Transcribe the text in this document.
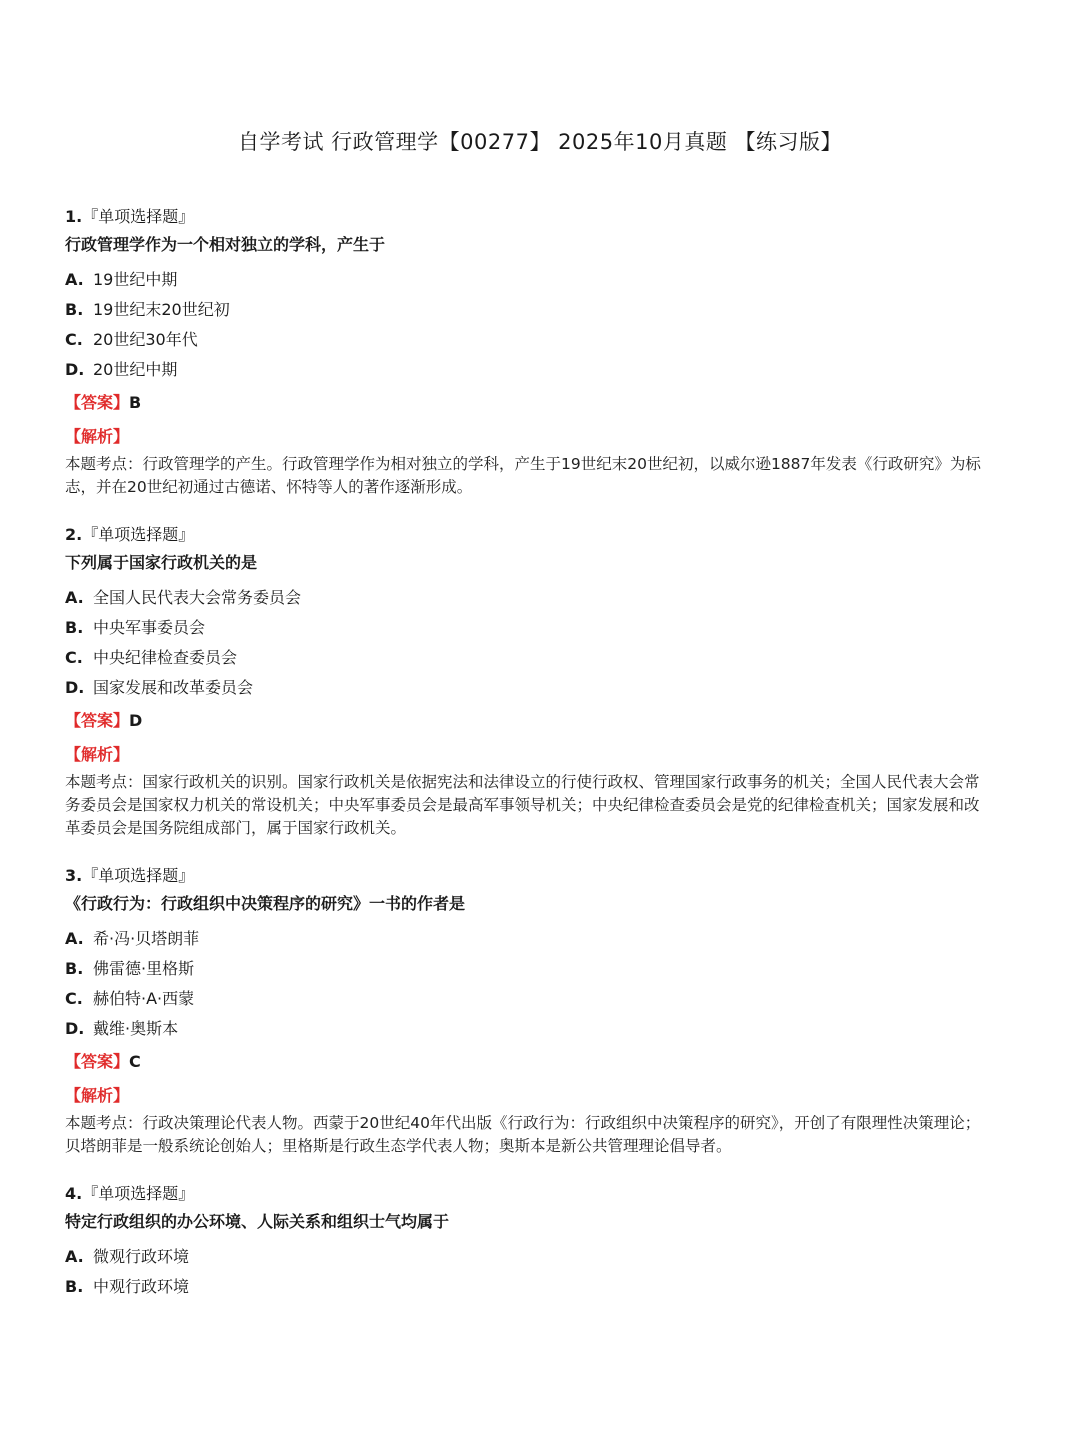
自学考试 行政管理学【00277】 2025年10月真题 【练习版】
1.『单项选择题』
行政管理学作为一个相对独立的学科，产生于
A. 19世纪中期
B. 19世纪末20世纪初
C. 20世纪30年代
D. 20世纪中期
【答案】B
【解析】
本题考点：行政管理学的产生。行政管理学作为相对独立的学科，产生于19世纪末20世纪初，以威尔逊1887年发表《行政研究》为标志，并在20世纪初通过古德诺、怀特等人的著作逐渐形成。
2.『单项选择题』
下列属于国家行政机关的是
A. 全国人民代表大会常务委员会
B. 中央军事委员会
C. 中央纪律检查委员会
D. 国家发展和改革委员会
【答案】D
【解析】
本题考点：国家行政机关的识别。国家行政机关是依据宪法和法律设立的行使行政权、管理国家行政事务的机关；全国人民代表大会常务委员会是国家权力机关的常设机关；中央军事委员会是最高军事领导机关；中央纪律检查委员会是党的纪律检查机关；国家发展和改革委员会是国务院组成部门，属于国家行政机关。
3.『单项选择题』
《行政行为：行政组织中决策程序的研究》一书的作者是
A. 希·冯·贝塔朗菲
B. 佛雷德·里格斯
C. 赫伯特·A·西蒙
D. 戴维·奥斯本
【答案】C
【解析】
本题考点：行政决策理论代表人物。西蒙于20世纪40年代出版《行政行为：行政组织中决策程序的研究》，开创了有限理性决策理论；贝塔朗菲是一般系统论创始人；里格斯是行政生态学代表人物；奥斯本是新公共管理理论倡导者。
4.『单项选择题』
特定行政组织的办公环境、人际关系和组织士气均属于
A. 微观行政环境
B. 中观行政环境
